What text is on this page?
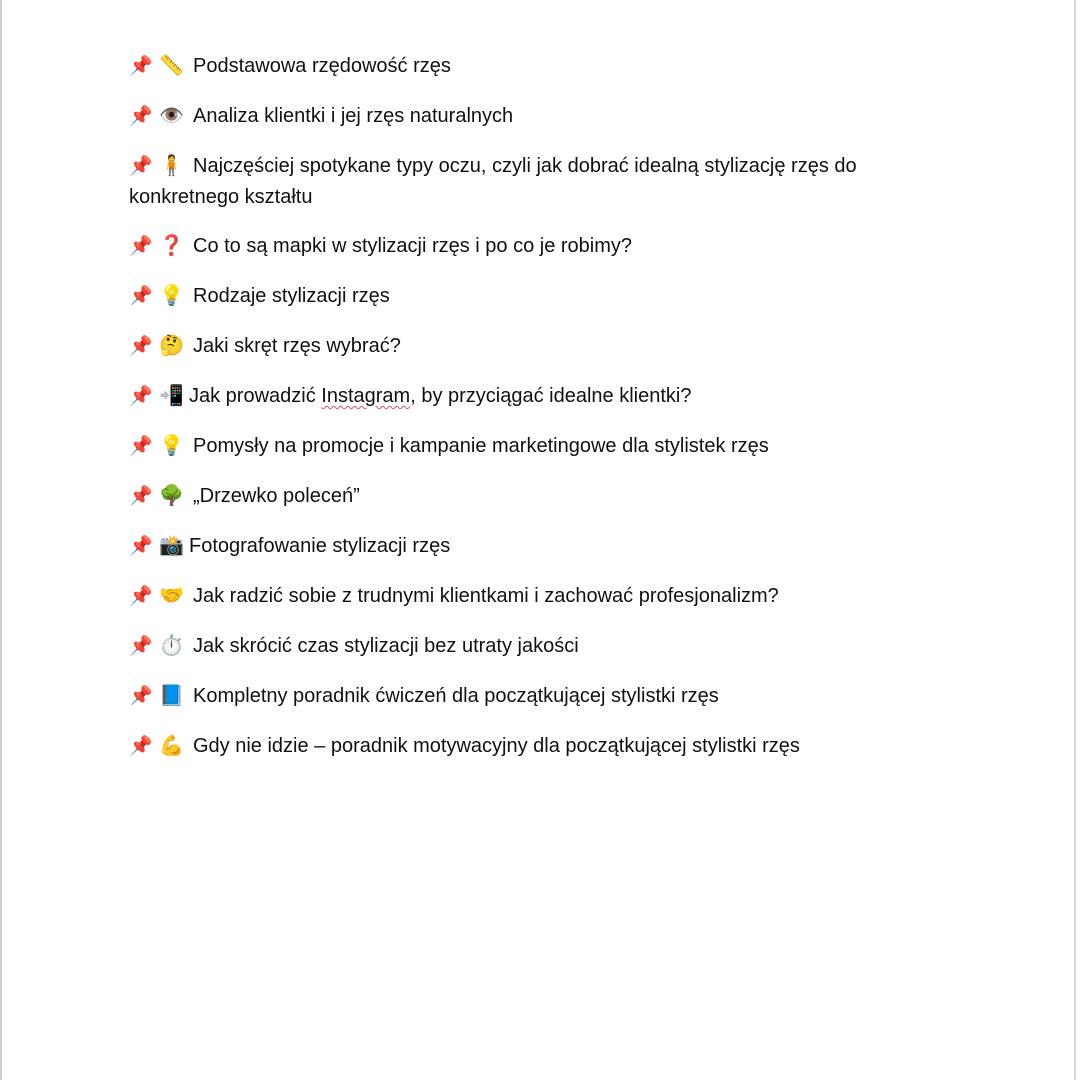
📌 📏 Podstawowa rzędowość rzęs

📌 👁️ Analiza klientki i jej rzęs naturalnych

📌 🧍 Najczęściej spotykane typy oczu, czyli jak dobrać idealną stylizację rzęs do konkretnego kształtu

📌 ❓ Co to są mapki w stylizacji rzęs i po co je robimy?

📌 💡 Rodzaje stylizacji rzęs

📌 🤔 Jaki skręt rzęs wybrać?

📌 📲 Jak prowadzić Instagram, by przyciągać idealne klientki?

📌 💡 Pomysły na promocje i kampanie marketingowe dla stylistek rzęs

📌 🌳 „Drzewko poleceń”

📌 📸 Fotografowanie stylizacji rzęs

📌 🤝 Jak radzić sobie z trudnymi klientkami i zachować profesjonalizm?

📌 ⏱️ Jak skrócić czas stylizacji bez utraty jakości

📌 📘 Kompletny poradnik ćwiczeń dla początkującej stylistki rzęs

📌 💪 Gdy nie idzie – poradnik motywacyjny dla początkującej stylistki rzęs
